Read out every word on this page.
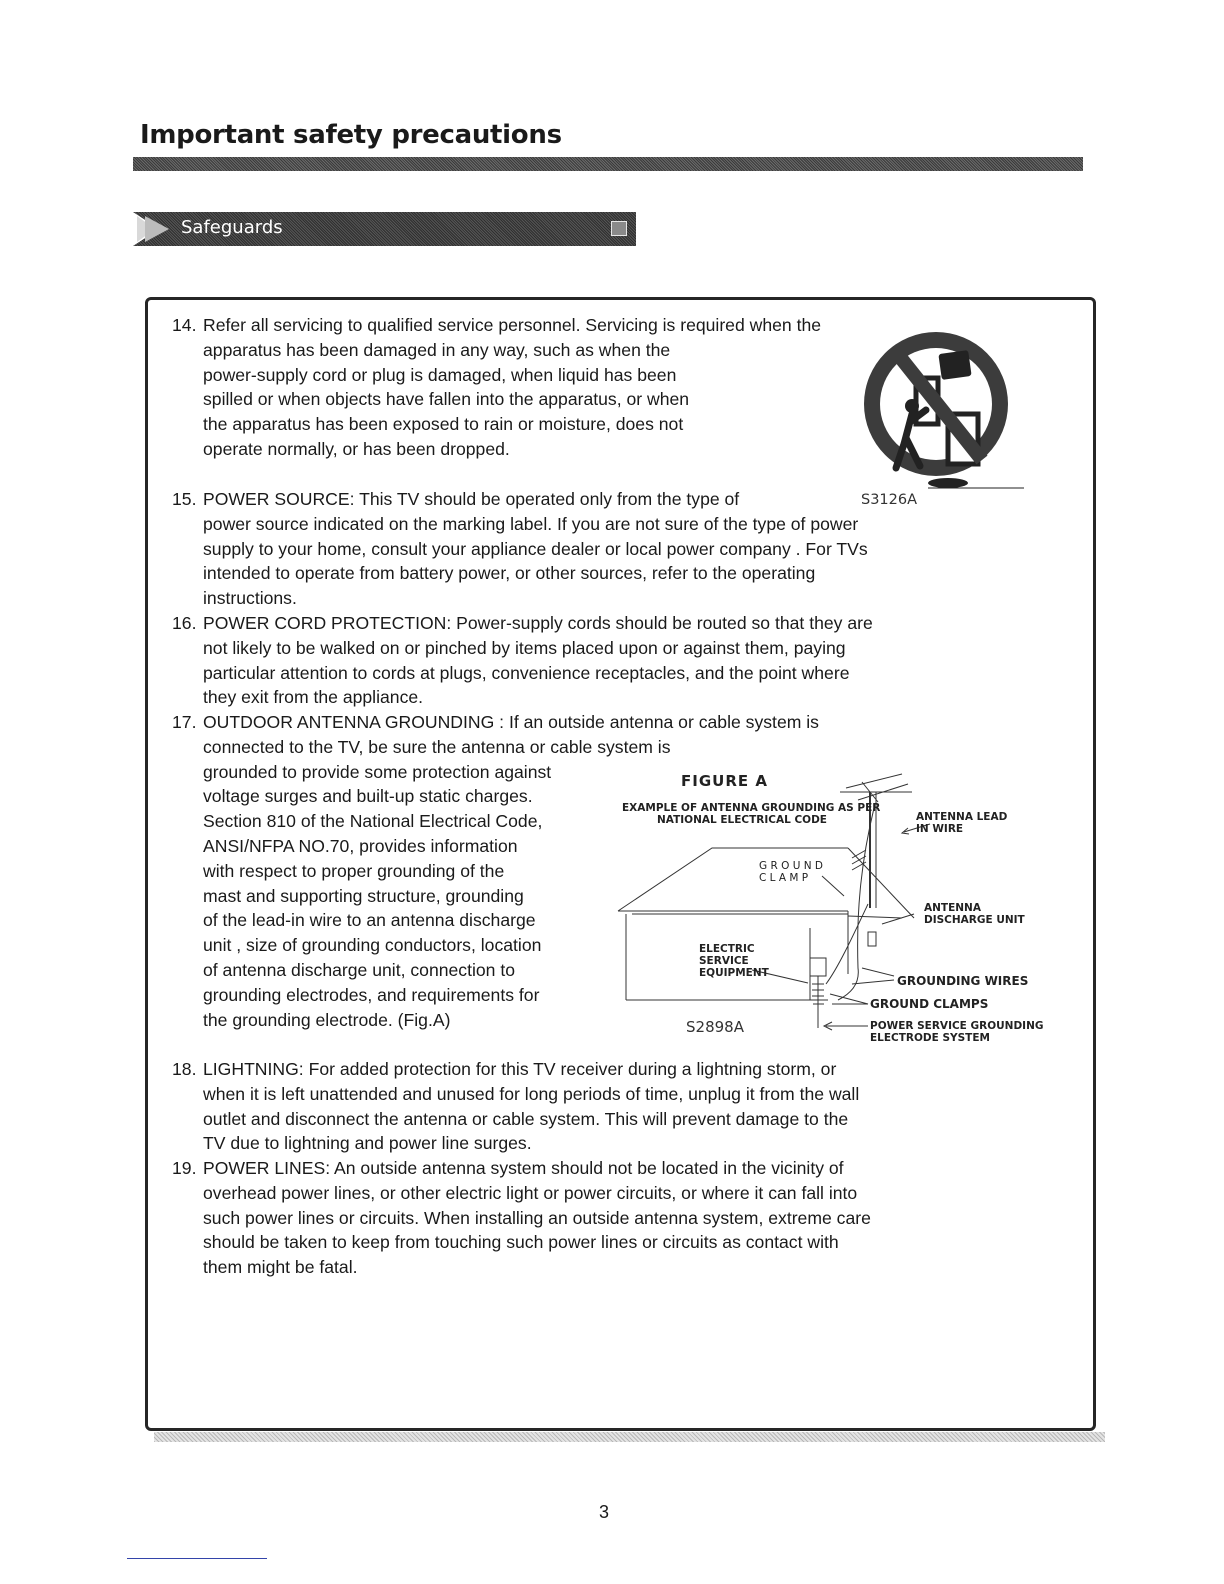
Important safety precautions
Safeguards

14. Refer all servicing to qualified service personnel. Servicing is required when the
apparatus has been damaged in any way, such as when the
power-supply cord or plug is damaged, when liquid has been
spilled or when objects have fallen into the apparatus, or when
the apparatus has been exposed to rain or moisture, does not
operate normally, or has been dropped.

S3126A

15. POWER SOURCE: This TV should be operated only from the type of
power source indicated on the marking label. If you are not sure of the type of power
supply to your home, consult your appliance dealer or local power company . For TVs
intended to operate from battery power, or other sources, refer to the operating
instructions.

16. POWER CORD PROTECTION: Power-supply cords should be routed so that they are
not likely to be walked on or pinched by items placed upon or against them, paying
particular attention to cords at plugs, convenience receptacles, and the point where
they exit from the appliance.

17. OUTDOOR ANTENNA GROUNDING : If an outside antenna or cable system is
connected to the TV, be sure the antenna or cable system is
grounded to provide some protection against
voltage surges and built-up static charges.
Section 810 of the National Electrical Code,
ANSI/NFPA NO.70, provides information
with respect to proper grounding of the
mast and supporting structure, grounding
of the lead-in wire to an antenna discharge
unit , size of grounding conductors, location
of antenna discharge unit, connection to
grounding electrodes, and requirements for
the grounding electrode. (Fig.A)

FIGURE A
EXAMPLE OF ANTENNA GROUNDING AS PER
NATIONAL ELECTRICAL CODE	ANTENNA LEAD
IN WIRE
G R O U N D
C L A M P
ANTENNA
DISCHARGE UNIT
ELECTRIC
SERVICE
EQUIPMENT
GROUNDING WIRES
GROUND CLAMPS
POWER SERVICE GROUNDING
ELECTRODE SYSTEM
S2898A

18. LIGHTNING: For added protection for this TV receiver during a lightning storm, or
when it is left unattended and unused for long periods of time, unplug it from the wall
outlet and disconnect the antenna or cable system. This will prevent damage to the
TV due to lightning and power line surges.

19. POWER LINES: An outside antenna system should not be located in the vicinity of
overhead power lines, or other electric light or power circuits, or where it can fall into
such power lines or circuits. When installing an outside antenna system, extreme care
should be taken to keep from touching such power lines or circuits as contact with
them might be fatal.

3
